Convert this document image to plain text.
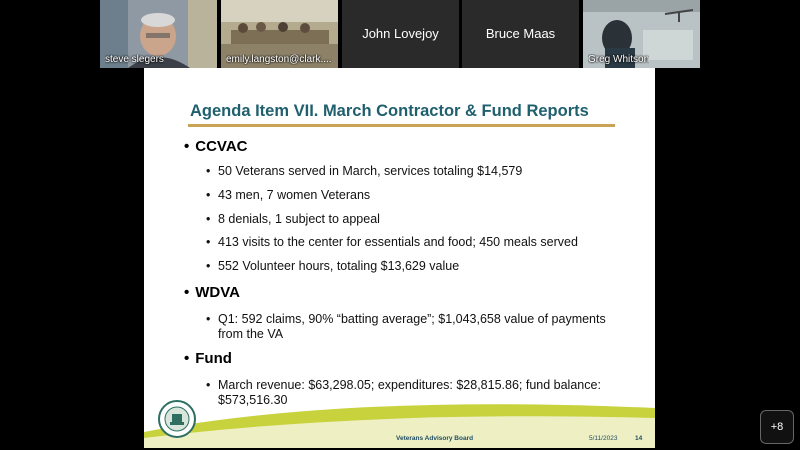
steve slegers	emily.langston@clark....
John Lovejoy	Bruce Maas
Greg Whitson
Agenda Item VII. March Contractor & Fund Reports
• CCVAC
• 50 Veterans served in March, services totaling $14,579
• 43 men, 7 women Veterans
• 8 denials, 1 subject to appeal
• 413 visits to the center for essentials and food; 450 meals served
• 552 Volunteer hours, totaling $13,629 value
• WDVA
• Q1: 592 claims, 90% “batting average”; $1,043,658 value of payments from the VA
• Fund
• March revenue: $63,298.05; expenditures: $28,815.86; fund balance: $573,516.30
Veterans Advisory Board	5/11/2023	14
+8
